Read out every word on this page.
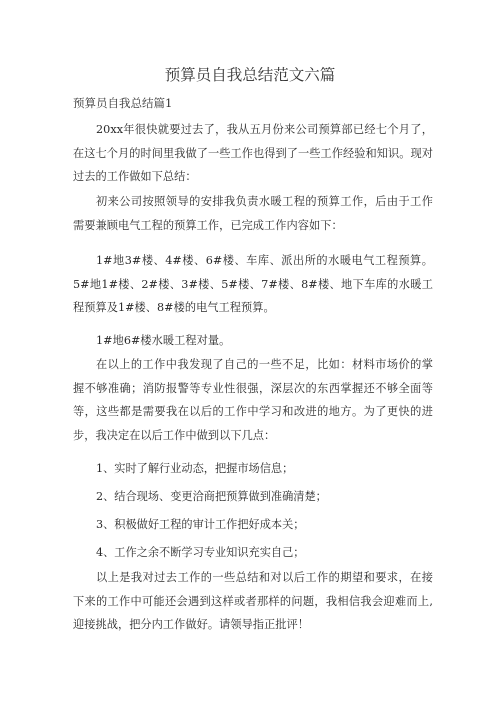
预算员自我总结范文六篇
预算员自我总结篇1

20xx年很快就要过去了，我从五月份来公司预算部已经七个月了，在这七个月的时间里我做了一些工作也得到了一些工作经验和知识。现对过去的工作做如下总结：

初来公司按照领导的安排我负责水暖工程的预算工作，后由于工作需要兼顾电气工程的预算工作，已完成工作内容如下：

1#地3#楼、4#楼、6#楼、车库、派出所的水暖电气工程预算。5#地1#楼、2#楼、3#楼、5#楼、7#楼、8#楼、地下车库的水暖工程预算及1#楼、8#楼的电气工程预算。

1#地6#楼水暖工程对量。

在以上的工作中我发现了自己的一些不足，比如：材料市场价的掌握不够准确；消防报警等专业性很强，深层次的东西掌握还不够全面等等，这些都是需要我在以后的工作中学习和改进的地方。为了更快的进步，我决定在以后工作中做到以下几点：

1、实时了解行业动态，把握市场信息；

2、结合现场、变更洽商把预算做到准确清楚；

3、积极做好工程的审计工作把好成本关；

4、工作之余不断学习专业知识充实自己；

以上是我对过去工作的一些总结和对以后工作的期望和要求，在接下来的工作中可能还会遇到这样或者那样的问题，我相信我会迎难而上,迎接挑战，把分内工作做好。请领导指正批评！
